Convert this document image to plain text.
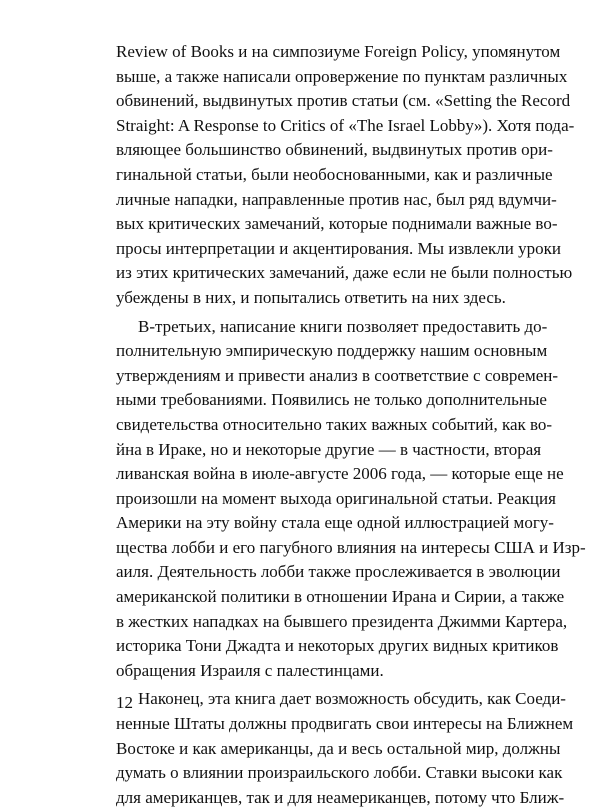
Review of Books и на симпозиуме Foreign Policy, упомянутом
выше, а также написали опровержение по пунктам различных
обвинений, выдвинутых против статьи (см. «Setting the Record
Straight: A Response to Critics of «The Israel Lobby»). Хотя пода-
вляющее большинство обвинений, выдвинутых против ори-
гинальной статьи, были необоснованными, как и различные
личные нападки, направленные против нас, был ряд вдумчи-
вых критических замечаний, которые поднимали важные во-
просы интерпретации и акцентирования. Мы извлекли уроки
из этих критических замечаний, даже если не были полностью
убеждены в них, и попытались ответить на них здесь.
В-третьих, написание книги позволяет предоставить до-
полнительную эмпирическую поддержку нашим основным
утверждениям и привести анализ в соответствие с современ-
ными требованиями. Появились не только дополнительные
свидетельства относительно таких важных событий, как во-
йна в Ираке, но и некоторые другие — в частности, вторая
ливанская война в июле-августе 2006 года, — которые еще не
произошли на момент выхода оригинальной статьи. Реакция
Америки на эту войну стала еще одной иллюстрацией могу-
щества лобби и его пагубного влияния на интересы США и Изр-
аиля. Деятельность лобби также прослеживается в эволюции
американской политики в отношении Ирана и Сирии, а также
в жестких нападках на бывшего президента Джимми Картера,
историка Тони Джадта и некоторых других видных критиков
обращения Израиля с палестинцами.
Наконец, эта книга дает возможность обсудить, как Соеди-
ненные Штаты должны продвигать свои интересы на Ближнем
Востоке и как американцы, да и весь остальной мир, должны
думать о влиянии произраильского лобби. Ставки высоки как
для американцев, так и для неамериканцев, потому что Ближ-
12
